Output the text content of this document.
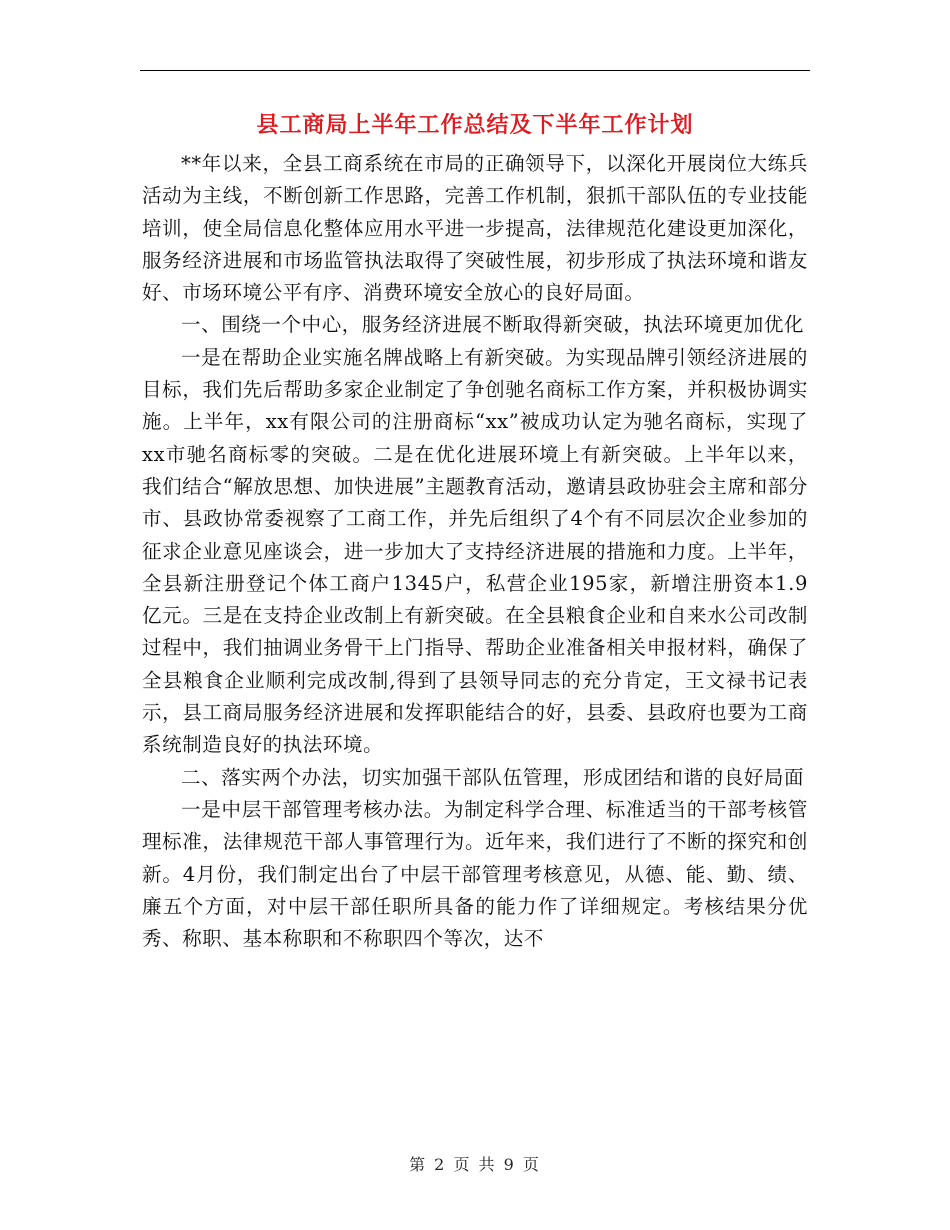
县工商局上半年工作总结及下半年工作计划

**年以来，全县工商系统在市局的正确领导下，以深化开展岗位大练兵活动为主线，不断创新工作思路，完善工作机制，狠抓干部队伍的专业技能培训，使全局信息化整体应用水平进一步提高，法律规范化建设更加深化，服务经济进展和市场监管执法取得了突破性展，初步形成了执法环境和谐友好、市场环境公平有序、消费环境安全放心的良好局面。

一、围绕一个中心，服务经济进展不断取得新突破，执法环境更加优化

一是在帮助企业实施名牌战略上有新突破。为实现品牌引领经济进展的目标，我们先后帮助多家企业制定了争创驰名商标工作方案，并积极协调实施。上半年，xx有限公司的注册商标“xx”被成功认定为驰名商标，实现了xx市驰名商标零的突破。二是在优化进展环境上有新突破。上半年以来，我们结合“解放思想、加快进展”主题教育活动，邀请县政协驻会主席和部分市、县政协常委视察了工商工作，并先后组织了4个有不同层次企业参加的征求企业意见座谈会，进一步加大了支持经济进展的措施和力度。上半年，全县新注册登记个体工商户1345户，私营企业195家，新增注册资本1.9亿元。三是在支持企业改制上有新突破。在全县粮食企业和自来水公司改制过程中，我们抽调业务骨干上门指导、帮助企业准备相关申报材料，确保了全县粮食企业顺利完成改制,得到了县领导同志的充分肯定，王文禄书记表示，县工商局服务经济进展和发挥职能结合的好，县委、县政府也要为工商系统制造良好的执法环境。

二、落实两个办法，切实加强干部队伍管理，形成团结和谐的良好局面

一是中层干部管理考核办法。为制定科学合理、标准适当的干部考核管理标准，法律规范干部人事管理行为。近年来，我们进行了不断的探究和创新。4月份，我们制定出台了中层干部管理考核意见，从德、能、勤、绩、廉五个方面，对中层干部任职所具备的能力作了详细规定。考核结果分优秀、称职、基本称职和不称职四个等次，达不

第 2 页 共 9 页
